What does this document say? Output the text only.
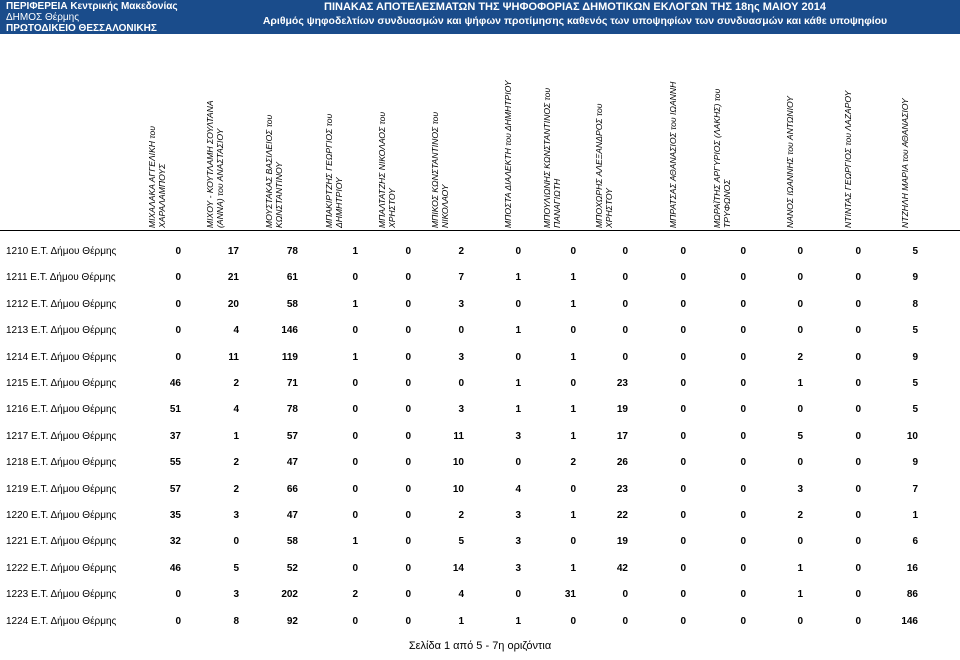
ΠΕΡΙΦΕΡΕΙΑ Κεντρικής Μακεδονίας
ΔΗΜΟΣ Θέρμης
ΠΡΩΤΟΔΙΚΕΙΟ ΘΕΣΣΑΛΟΝΙΚΗΣ
ΠΙΝΑΚΑΣ ΑΠΟΤΕΛΕΣΜΑΤΩΝ ΤΗΣ ΨΗΦΟΦΟΡΙΑΣ ΔΗΜΟΤΙΚΩΝ ΕΚΛΟΓΩΝ ΤΗΣ 18ης ΜΑΙΟΥ 2014
Αριθμός ψηφοδελτίων συνδυασμών και ψήφων προτίμησης καθενός των υποψηφίων των συνδυασμών και κάθε υποψηφίου
ΜΙΧΑΛΑΚΑ ΑΓΓΕΛΙΚΗ του ΧΑΡΑΛΑΜΠΟΥΣ	ΜΙΧΟΥ - ΚΟΥΤΛΑΜΗ ΣΟΥΛΤΑΝΑ (ΑΝΝΑ) του ΑΝΑΣΤΑΣΙΟΥ	ΜΟΥΣΤΑΚΑΣ ΒΑΣΙΛΕΙΟΣ του ΚΩΝΣΤΑΝΤΙΝΟΥ	ΜΠΑΚΙΡΤΖΗΣ ΓΕΩΡΓΙΟΣ του ΔΗΜΗΤΡΙΟΥ	ΜΠΑΛΤΑΤΖΗΣ ΝΙΚΟΛΑΟΣ του ΧΡΗΣΤΟΥ	ΜΠΙΚΟΣ ΚΩΝΣΤΑΝΤΙΝΟΣ του ΝΙΚΟΛΑΟΥ	ΜΠΟΣΤΑ ΔΙΑΛΕΚΤΗ του ΔΗΜΗΤΡΙΟΥ	ΜΠΟΥΛΙΩΝΗΣ ΚΩΝΣΤΑΝΤΙΝΟΣ του ΠΑΝΑΓΙΩΤΗ	ΜΠΟΧΩΡΗΣ ΑΛΕΞΑΝΔΡΟΣ του ΧΡΗΣΤΟΥ	ΜΠΡΑΤΣΑΣ ΑΘΑΝΑΣΙΟΣ του ΙΩΑΝΝΗ	ΜΩΡΑΪΤΗΣ ΑΡΓΥΡΙΟΣ (ΛΑΚΗΣ) του ΤΡΥΦΩΝΟΣ	ΝΑΝΟΣ ΙΩΑΝΝΗΣ του ΑΝΤΩΝΙΟΥ	ΝΤΙΝΤΑΣ ΓΕΩΡΓΙΟΣ του ΛΑΖΑΡΟΥ	ΝΤΖΗΛΗ ΜΑΡΙΑ του ΑΘΑΝΑΣΙΟΥ
1210 Ε.Τ. Δήμου Θέρμης	0	17	78	1	0	2	0	0	0	0	0	0	0	5
1211 Ε.Τ. Δήμου Θέρμης	0	21	61	0	0	7	1	1	0	0	0	0	0	9
1212 Ε.Τ. Δήμου Θέρμης	0	20	58	1	0	3	0	1	0	0	0	0	0	8
1213 Ε.Τ. Δήμου Θέρμης	0	4	146	0	0	0	1	0	0	0	0	0	0	5
1214 Ε.Τ. Δήμου Θέρμης	0	11	119	1	0	3	0	1	0	0	0	2	0	9
1215 Ε.Τ. Δήμου Θέρμης	46	2	71	0	0	0	1	0	23	0	0	1	0	5
1216 Ε.Τ. Δήμου Θέρμης	51	4	78	0	0	3	1	1	19	0	0	0	0	5
1217 Ε.Τ. Δήμου Θέρμης	37	1	57	0	0	11	3	1	17	0	0	5	0	10
1218 Ε.Τ. Δήμου Θέρμης	55	2	47	0	0	10	0	2	26	0	0	0	0	9
1219 Ε.Τ. Δήμου Θέρμης	57	2	66	0	0	10	4	0	23	0	0	3	0	7
1220 Ε.Τ. Δήμου Θέρμης	35	3	47	0	0	2	3	1	22	0	0	2	0	1
1221 Ε.Τ. Δήμου Θέρμης	32	0	58	1	0	5	3	0	19	0	0	0	0	6
1222 Ε.Τ. Δήμου Θέρμης	46	5	52	0	0	14	3	1	42	0	0	1	0	16
1223 Ε.Τ. Δήμου Θέρμης	0	3	202	2	0	4	0	31	0	0	0	1	0	86
1224 Ε.Τ. Δήμου Θέρμης	0	8	92	0	0	1	1	0	0	0	0	0	0	146
Σελίδα 1 από 5 - 7η οριζόντια
